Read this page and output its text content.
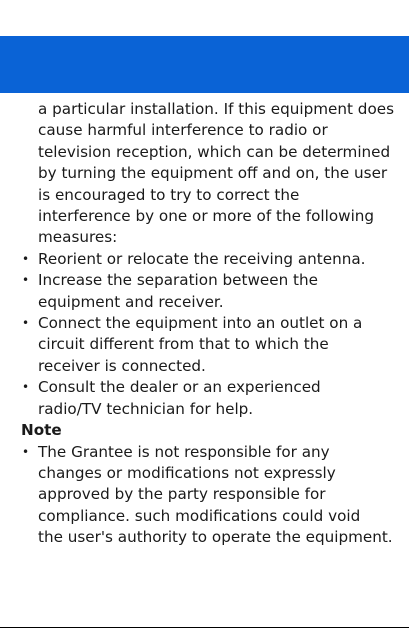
a particular installation. If this equipment does
cause harmful interference to radio or
television reception, which can be determined
by turning the equipment off and on, the user
is encouraged to try to correct the
interference by one or more of the following
measures:

• Reorient or relocate the receiving antenna.
• Increase the separation between the
equipment and receiver.
• Connect the equipment into an outlet on a
circuit different from that to which the
receiver is connected.
• Consult the dealer or an experienced
radio/TV technician for help.

Note

• The Grantee is not responsible for any
changes or modifications not expressly
approved by the party responsible for
compliance. such modifications could void
the user's authority to operate the equipment.
